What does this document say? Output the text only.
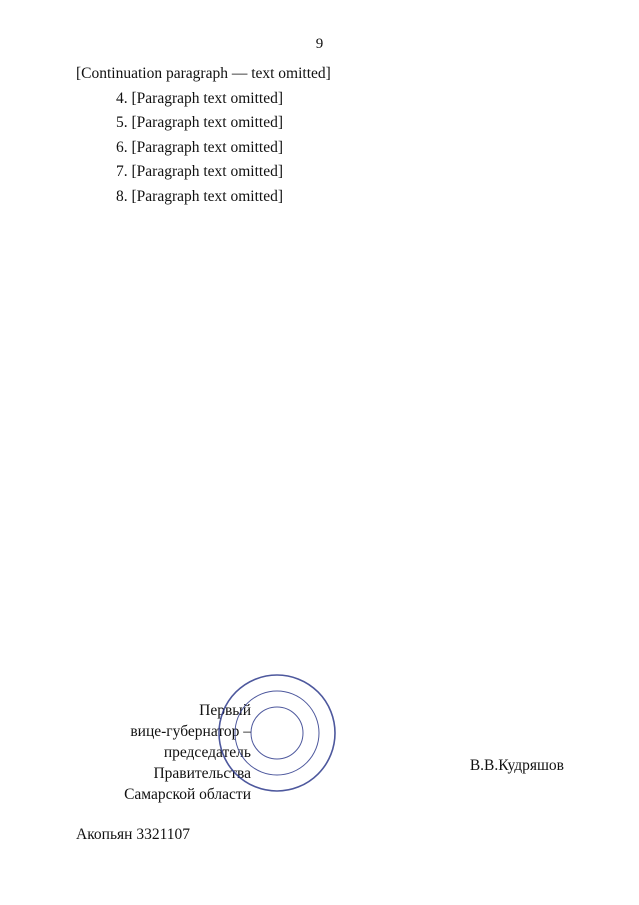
9

[Continuation paragraph — text omitted]

4. [Paragraph text omitted]

5. [Paragraph text omitted]

6. [Paragraph text omitted]

7. [Paragraph text omitted]

8. [Paragraph text omitted]

Первый
вице-губернатор –
председатель Правительства
Самарской области
В.В.Кудряшов
Акопьян 3321107
